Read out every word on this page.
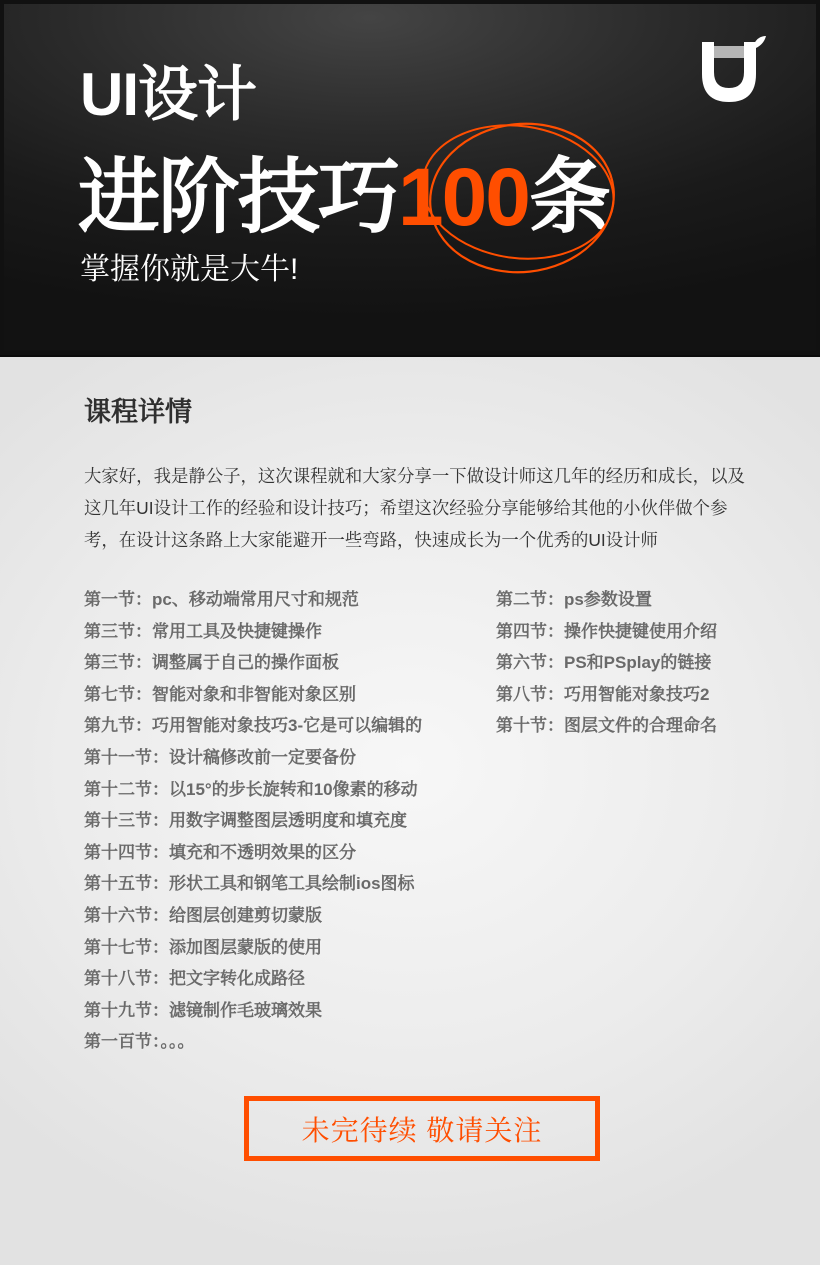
UI设计
进阶技巧100条
掌握你就是大牛!
课程详情
大家好，我是静公子，这次课程就和大家分享一下做设计师这几年的经历和成长，以及这几年UI设计工作的经验和设计技巧；希望这次经验分享能够给其他的小伙伴做个参考，在设计这条路上大家能避开一些弯路，快速成长为一个优秀的UI设计师
第一节：pc、移动端常用尺寸和规范
第三节：常用工具及快捷键操作
第三节：调整属于自己的操作面板
第七节：智能对象和非智能对象区别
第九节：巧用智能对象技巧3-它是可以编辑的
第十一节：设计稿修改前一定要备份
第十二节：以15°的步长旋转和10像素的移动
第十三节：用数字调整图层透明度和填充度
第十四节：填充和不透明效果的区分
第十五节：形状工具和钢笔工具绘制ios图标
第十六节：给图层创建剪切蒙版
第十七节：添加图层蒙版的使用
第十八节：把文字转化成路径
第十九节：滤镜制作毛玻璃效果
第一百节：。。。
第二节：ps参数设置
第四节：操作快捷键使用介绍
第六节：PS和PSplay的链接
第八节：巧用智能对象技巧2
第十节：图层文件的合理命名
未完待续 敬请关注
